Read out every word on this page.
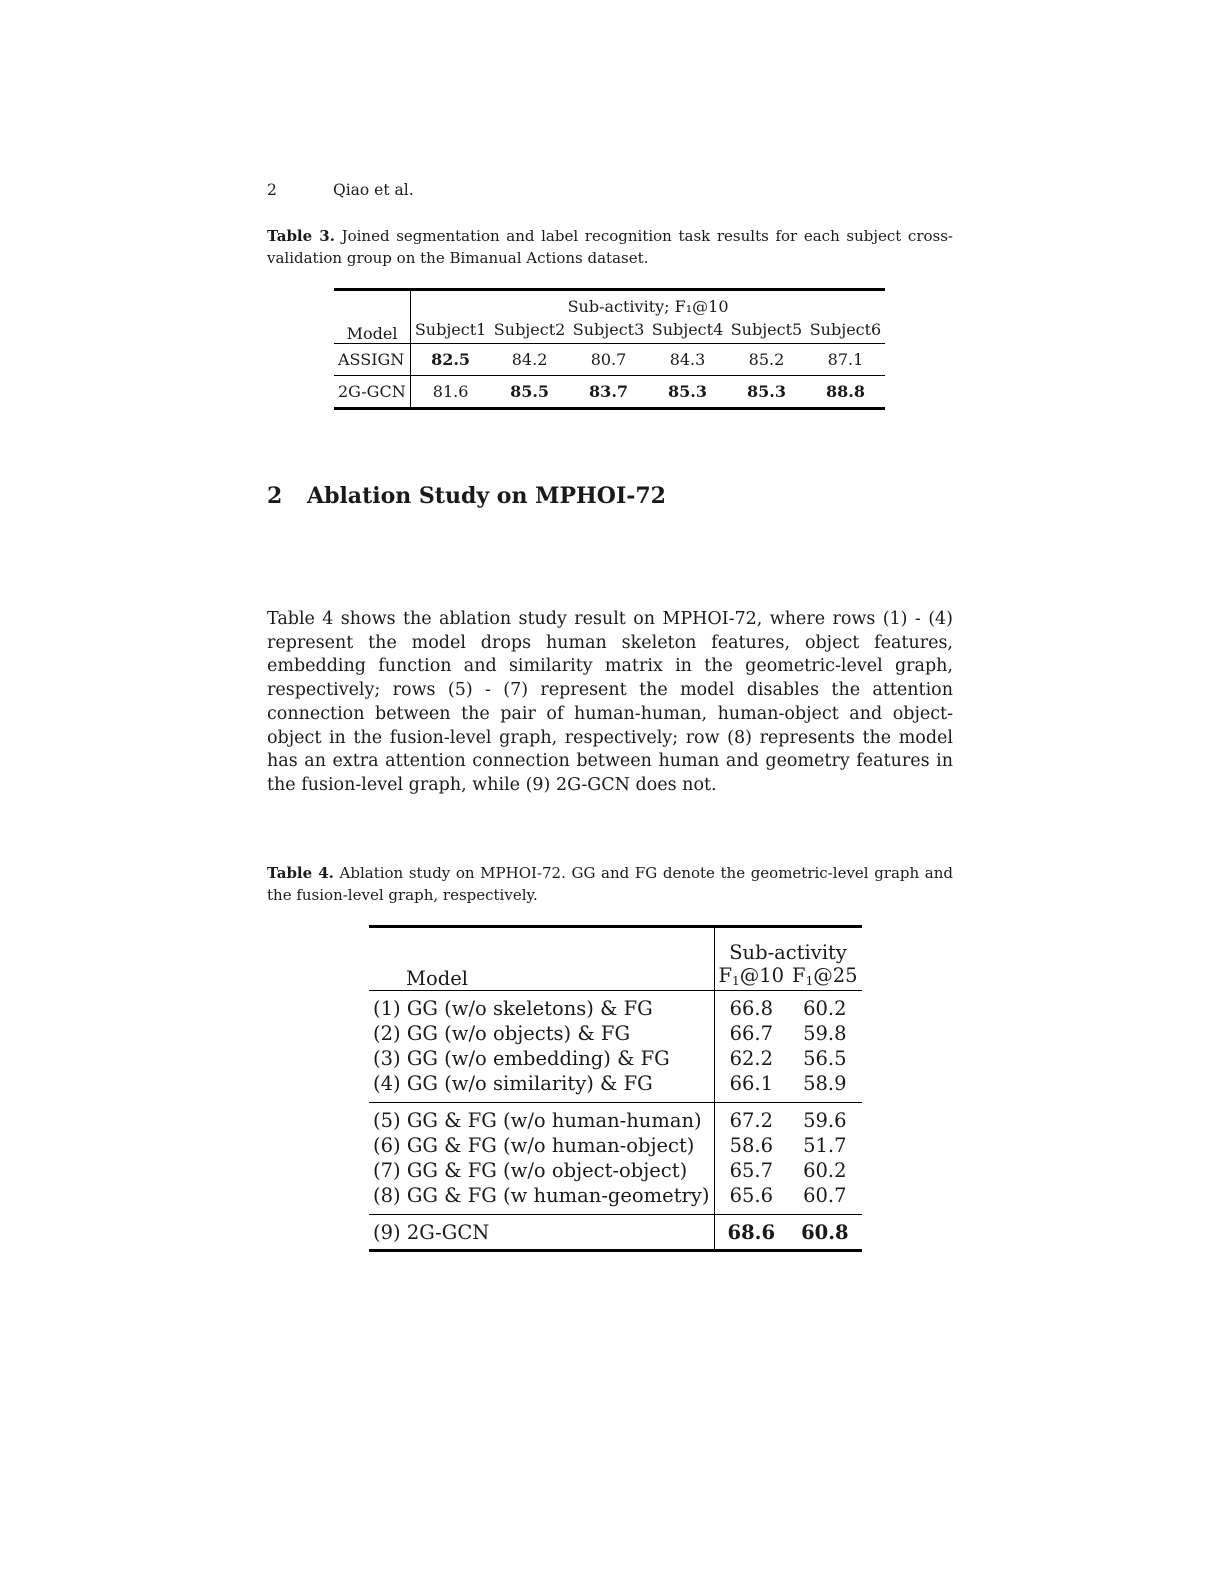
2	Qiao et al.
Table 3. Joined segmentation and label recognition task results for each subject cross-validation group on the Bimanual Actions dataset.
Model	Sub-activity; F₁@10					
	Subject1	Subject2	Subject3	Subject4	Subject5	Subject6
ASSIGN	82.5	84.2	80.7	84.3	85.2	87.1
2G-GCN	81.6	85.5	83.7	85.3	85.3	88.8
2 Ablation Study on MPHOI-72

Table 4 shows the ablation study result on MPHOI-72, where rows (1) - (4) represent the model drops human skeleton features, object features, embedding function and similarity matrix in the geometric-level graph, respectively; rows (5) - (7) represent the model disables the attention connection between the pair of human-human, human-object and object-object in the fusion-level graph, respectively; row (8) represents the model has an extra attention connection between human and geometry features in the fusion-level graph, while (9) 2G-GCN does not.

Table 4. Ablation study on MPHOI-72. GG and FG denote the geometric-level graph and the fusion-level graph, respectively.
Model	Sub-activity	
	$F_1@10$	$F_1@25$
(1) GG (w/o skeletons) & FG	66.8	60.2
(2) GG (w/o objects) & FG	66.7	59.8
(3) GG (w/o embedding) & FG	62.2	56.5
(4) GG (w/o similarity) & FG	66.1	58.9
(5) GG & FG (w/o human-human)	67.2	59.6
(6) GG & FG (w/o human-object)	58.6	51.7
(7) GG & FG (w/o object-object)	65.7	60.2
(8) GG & FG (w human-geometry)	65.6	60.7
(9) 2G-GCN	68.6	60.8
